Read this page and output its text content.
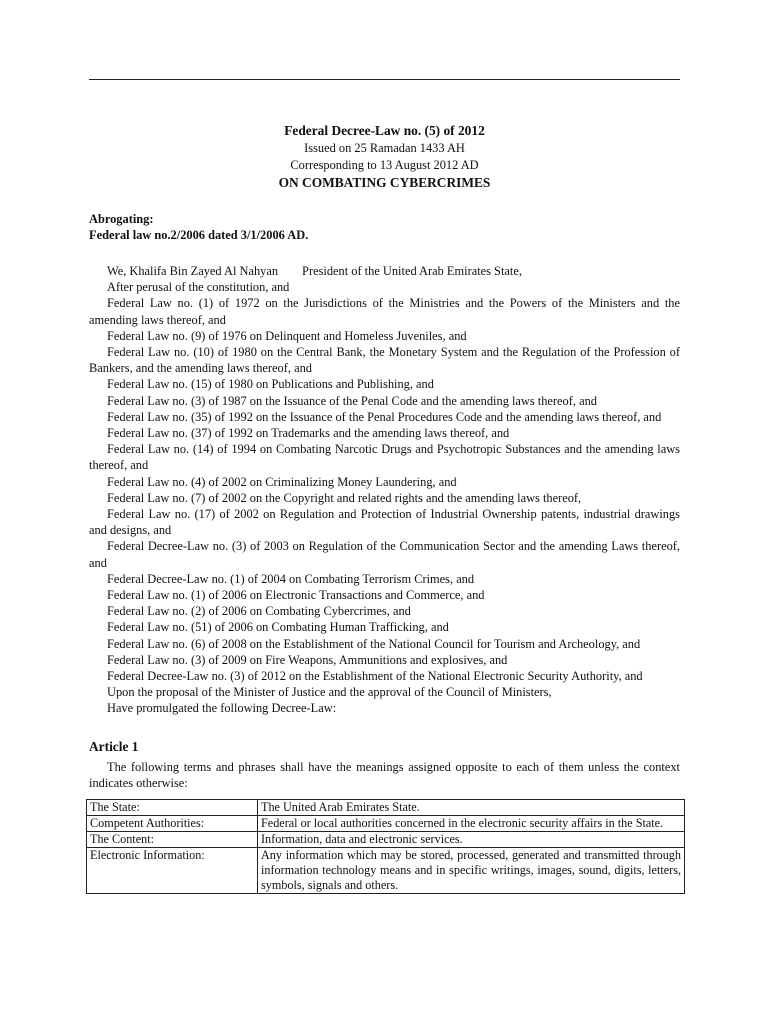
Federal Decree-Law no. (5) of 2012
Issued on 25 Ramadan 1433 AH
Corresponding to 13 August 2012 AD
ON COMBATING CYBERCRIMES
Abrogating:
Federal law no.2/2006 dated 3/1/2006 AD.

We, Khalifa Bin Zayed Al Nahyan President of the United Arab Emirates State,

After perusal of the constitution, and

Federal Law no. (1) of 1972 on the Jurisdictions of the Ministries and the Powers of the Ministers and the amending laws thereof, and

Federal Law no. (9) of 1976 on Delinquent and Homeless Juveniles, and

Federal Law no. (10) of 1980 on the Central Bank, the Monetary System and the Regulation of the Profession of Bankers, and the amending laws thereof, and

Federal Law no. (15) of 1980 on Publications and Publishing, and

Federal Law no. (3) of 1987 on the Issuance of the Penal Code and the amending laws thereof, and

Federal Law no. (35) of 1992 on the Issuance of the Penal Procedures Code and the amending laws thereof, and

Federal Law no. (37) of 1992 on Trademarks and the amending laws thereof, and

Federal Law no. (14) of 1994 on Combating Narcotic Drugs and Psychotropic Substances and the amending laws thereof, and

Federal Law no. (4) of 2002 on Criminalizing Money Laundering, and

Federal Law no. (7) of 2002 on the Copyright and related rights and the amending laws thereof,

Federal Law no. (17) of 2002 on Regulation and Protection of Industrial Ownership patents, industrial drawings and designs, and

Federal Decree-Law no. (3) of 2003 on Regulation of the Communication Sector and the amending Laws thereof, and

Federal Decree-Law no. (1) of 2004 on Combating Terrorism Crimes, and

Federal Law no. (1) of 2006 on Electronic Transactions and Commerce, and

Federal Law no. (2) of 2006 on Combating Cybercrimes, and

Federal Law no. (51) of 2006 on Combating Human Trafficking, and

Federal Law no. (6) of 2008 on the Establishment of the National Council for Tourism and Archeology, and

Federal Law no. (3) of 2009 on Fire Weapons, Ammunitions and explosives, and

Federal Decree-Law no. (3) of 2012 on the Establishment of the National Electronic Security Authority, and

Upon the proposal of the Minister of Justice and the approval of the Council of Ministers,

Have promulgated the following Decree-Law:

Article 1

The following terms and phrases shall have the meanings assigned opposite to each of them unless the context indicates otherwise:

The State:	The United Arab Emirates State.
Competent Authorities:	Federal or local authorities concerned in the electronic security affairs in the State.
The Content:	Information, data and electronic services.
Electronic Information:	Any information which may be stored, processed, generated and transmitted through information technology means and in specific writings, images, sound, digits, letters, symbols, signals and others.
